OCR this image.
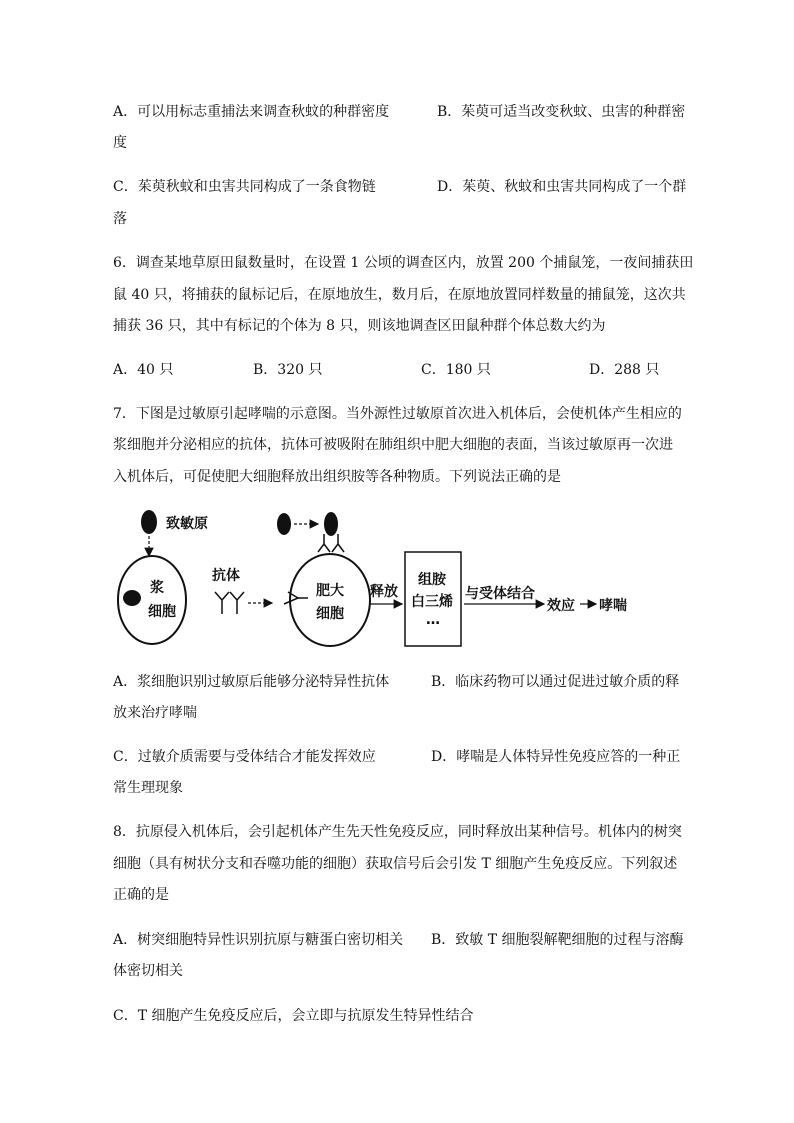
A．可以用标志重捕法来调查秋蚊的种群密度	B．茱萸可适当改变秋蚊、虫害的种群密
度
C．茱萸秋蚊和虫害共同构成了一条食物链	D．茱萸、秋蚊和虫害共同构成了一个群
落
6．调查某地草原田鼠数量时，在设置 1 公顷的调查区内，放置 200 个捕鼠笼，一夜间捕获田
鼠 40 只，将捕获的鼠标记后，在原地放生，数月后，在原地放置同样数量的捕鼠笼，这次共
捕获 36 只，其中有标记的个体为 8 只，则该地调查区田鼠种群个体总数大约为
A．40 只	B．320 只	C．180 只	D．288 只
7．下图是过敏原引起哮喘的示意图。当外源性过敏原首次进入机体后，会使机体产生相应的
浆细胞并分泌相应的抗体，抗体可被吸附在肺组织中肥大细胞的表面，当该过敏原再一次进
入机体后，可促使肥大细胞释放出组织胺等各种物质。下列说法正确的是
致敏原
浆
细胞
抗体
肥大
细胞
释放
组胺
白三烯
…
与受体结合
效应 哮喘
A．浆细胞识别过敏原后能够分泌特异性抗体	B．临床药物可以通过促进过敏介质的释
放来治疗哮喘
C．过敏介质需要与受体结合才能发挥效应	D．哮喘是人体特异性免疫应答的一种正
常生理现象
8．抗原侵入机体后，会引起机体产生先天性免疫反应，同时释放出某种信号。机体内的树突
细胞（具有树状分支和吞噬功能的细胞）获取信号后会引发 T 细胞产生免疫反应。下列叙述
正确的是
A．树突细胞特异性识别抗原与糖蛋白密切相关 B．致敏 T 细胞裂解靶细胞的过程与溶酶
体密切相关
C．T 细胞产生免疫反应后，会立即与抗原发生特异性结合
